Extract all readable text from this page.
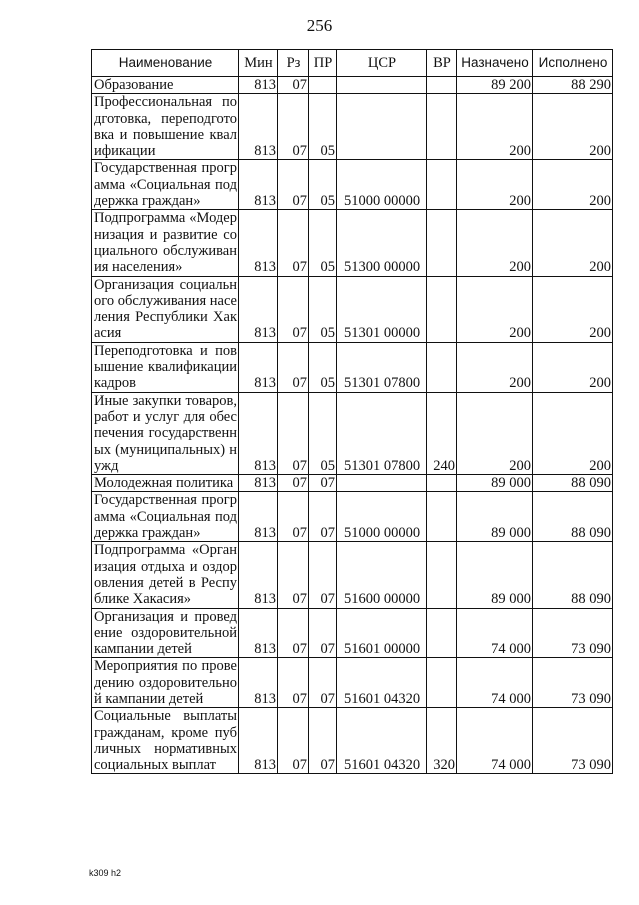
256
Наименование	Мин	Рз	ПР	ЦСР	ВР	Назначено	Исполнено
Образование	813	07				89 200	88 290
Профессиональная подготовка, переподготовка и повышение квалификации	813	07	05			200	200
Государственная программа «Социальная поддержка граждан»	813	07	05	51000 00000		200	200
Подпрограмма «Модернизация и развитие социального обслуживания населения»	813	07	05	51300 00000		200	200
Организация социального обслуживания населения Республики Хакасия	813	07	05	51301 00000		200	200
Переподготовка и повышение квалификации кадров	813	07	05	51301 07800		200	200
Иные закупки товаров, работ и услуг для обеспечения государственных (муниципальных) нужд	813	07	05	51301 07800	240	200	200
Молодежная политика	813	07	07			89 000	88 090
Государственная программа «Социальная поддержка граждан»	813	07	07	51000 00000		89 000	88 090
Подпрограмма «Организация отдыха и оздоровления детей в Республике Хакасия»	813	07	07	51600 00000		89 000	88 090
Организация и проведение оздоровительной кампании детей	813	07	07	51601 00000		74 000	73 090
Мероприятия по проведению оздоровительной кампании детей	813	07	07	51601 04320		74 000	73 090
Социальные выплаты гражданам, кроме публичных нормативных социальных выплат	813	07	07	51601 04320	320	74 000	73 090
k309 h2
